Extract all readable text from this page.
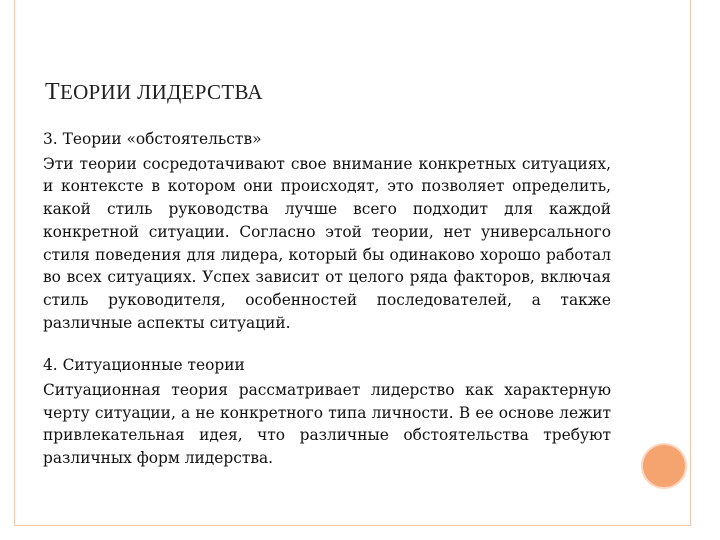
ТЕОРИИ ЛИДЕРСТВА

3. Теории «обстоятельств»

Эти теории сосредотачивают свое внимание конкретных ситуациях, и контексте в котором они происходят, это позволяет определить, какой стиль руководства лучше всего подходит для каждой конкретной ситуации. Согласно этой теории, нет универсального стиля поведения для лидера, который бы одинаково хорошо работал во всех ситуациях. Успех зависит от целого ряда факторов, включая стиль руководителя, особенностей последователей, а также различные аспекты ситуаций.

4. Ситуационные теории

Ситуационная теория рассматривает лидерство как характерную черту ситуации, а не конкретного типа личности. В ее основе лежит привлекательная идея, что различные обстоятельства требуют различных форм лидерства.
